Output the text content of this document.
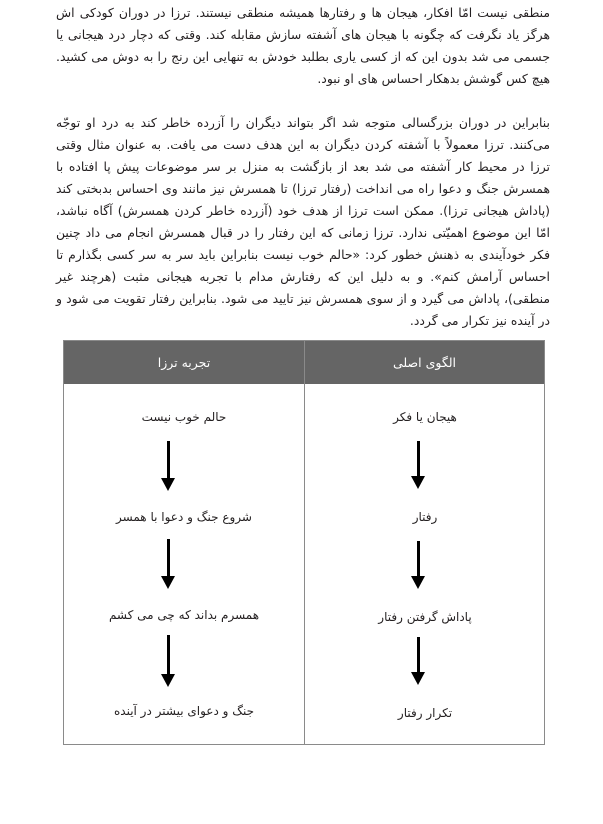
منطقی نیست امّا افکار، هیجان ها و رفتارها همیشه منطقی نیستند. ترزا در دوران کودکی اش هرگز یاد نگرفت که چگونه با هیجان های آشفته سازش مقابله کند. وقتی که دچار درد هیجانی یا جسمی می شد بدون این که از کسی یاری بطلبد خودش به تنهایی این رنج را به دوش می کشید. هیچ کس گوشش بدهکار احساس های او نبود.

بنابراین در دوران بزرگسالی متوجه شد اگر بتواند دیگران را آزرده خاطر کند به درد او توجّه می‌کنند. ترزا معمولاً با آشفته کردن دیگران به این هدف دست می یافت. به عنوان مثال وقتی ترزا در محیط کار آشفته می شد بعد از بازگشت به منزل بر سر موضوعات پیش پا افتاده با همسرش جنگ و دعوا راه می انداخت (رفتار ترزا) تا همسرش نیز مانند وی احساس بدبختی کند (پاداش هیجانی ترزا). ممکن است ترزا از هدف خود (آزرده خاطر کردن همسرش) آگاه نباشد، امّا این موضوع اهمیّتی ندارد. ترزا زمانی که این رفتار را در قبال همسرش انجام می داد چنین فکر خودآیندی به ذهنش خطور کرد: «حالم خوب نیست بنابراین باید سر به سر کسی بگذارم تا احساس آرامش کنم». و به دلیل این که رفتارش مدام با تجربه هیجانی مثبت (هرچند غیر منطقی)، پاداش می گیرد و از سوی همسرش نیز تایید می شود. بنابراین رفتار تقویت می شود و در آینده نیز تکرار می گردد.

الگوی اصلی
تجربه ترزا
هیجان یا فکر
رفتار
پاداش گرفتن رفتار
تکرار رفتار
حالم خوب نیست
شروع جنگ و دعوا با همسر
همسرم بداند که چی می کشم
جنگ و دعوای بیشتر در آینده
